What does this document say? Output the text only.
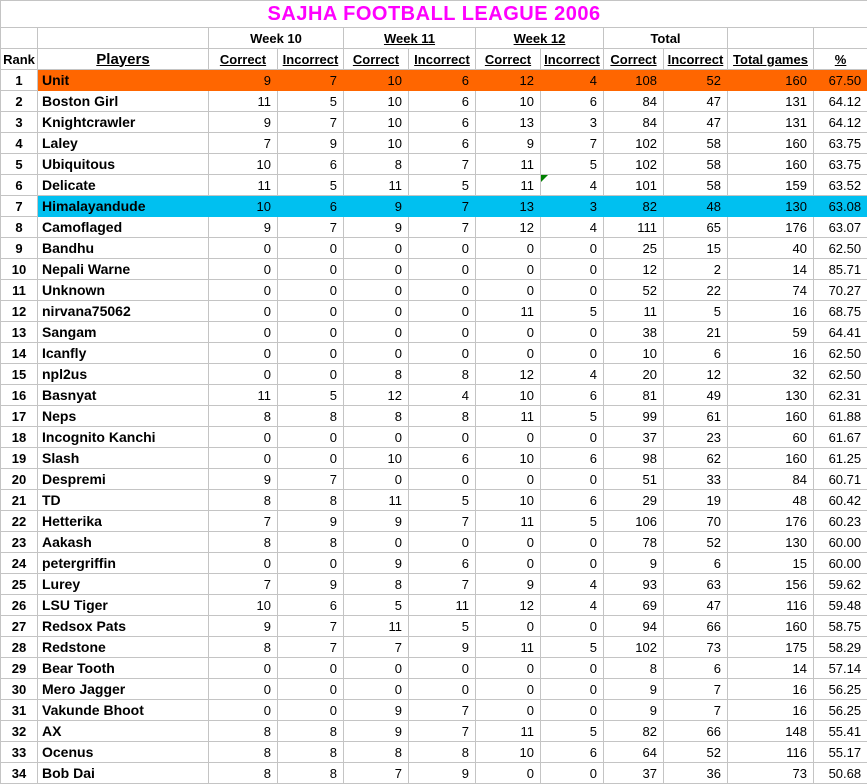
SAJHA FOOTBALL LEAGUE 2006											
		Week 10		Week 11		Week 12		Total			
Rank	Players	Correct	Incorrect	Correct	Incorrect	Correct	Incorrect	Correct	Incorrect	Total games	%
1	Unit	9	7	10	6	12	4	108	52	160	67.50
2	Boston Girl	11	5	10	6	10	6	84	47	131	64.12
3	Knightcrawler	9	7	10	6	13	3	84	47	131	64.12
4	Laley	7	9	10	6	9	7	102	58	160	63.75
5	Ubiquitous	10	6	8	7	11	5	102	58	160	63.75
6	Delicate	11	5	11	5	11	4	101	58	159	63.52
7	Himalayandude	10	6	9	7	13	3	82	48	130	63.08
8	Camoflaged	9	7	9	7	12	4	111	65	176	63.07
9	Bandhu	0	0	0	0	0	0	25	15	40	62.50
10	Nepali Warne	0	0	0	0	0	0	12	2	14	85.71
11	Unknown	0	0	0	0	0	0	52	22	74	70.27
12	nirvana75062	0	0	0	0	11	5	11	5	16	68.75
13	Sangam	0	0	0	0	0	0	38	21	59	64.41
14	Icanfly	0	0	0	0	0	0	10	6	16	62.50
15	npl2us	0	0	8	8	12	4	20	12	32	62.50
16	Basnyat	11	5	12	4	10	6	81	49	130	62.31
17	Neps	8	8	8	8	11	5	99	61	160	61.88
18	Incognito Kanchi	0	0	0	0	0	0	37	23	60	61.67
19	Slash	0	0	10	6	10	6	98	62	160	61.25
20	Despremi	9	7	0	0	0	0	51	33	84	60.71
21	TD	8	8	11	5	10	6	29	19	48	60.42
22	Hetterika	7	9	9	7	11	5	106	70	176	60.23
23	Aakash	8	8	0	0	0	0	78	52	130	60.00
24	petergriffin	0	0	9	6	0	0	9	6	15	60.00
25	Lurey	7	9	8	7	9	4	93	63	156	59.62
26	LSU Tiger	10	6	5	11	12	4	69	47	116	59.48
27	Redsox Pats	9	7	11	5	0	0	94	66	160	58.75
28	Redstone	8	7	7	9	11	5	102	73	175	58.29
29	Bear Tooth	0	0	0	0	0	0	8	6	14	57.14
30	Mero Jagger	0	0	0	0	0	0	9	7	16	56.25
31	Vakunde Bhoot	0	0	9	7	0	0	9	7	16	56.25
32	AX	8	8	9	7	11	5	82	66	148	55.41
33	Ocenus	8	8	8	8	10	6	64	52	116	55.17
34	Bob Dai	8	8	7	9	0	0	37	36	73	50.68
